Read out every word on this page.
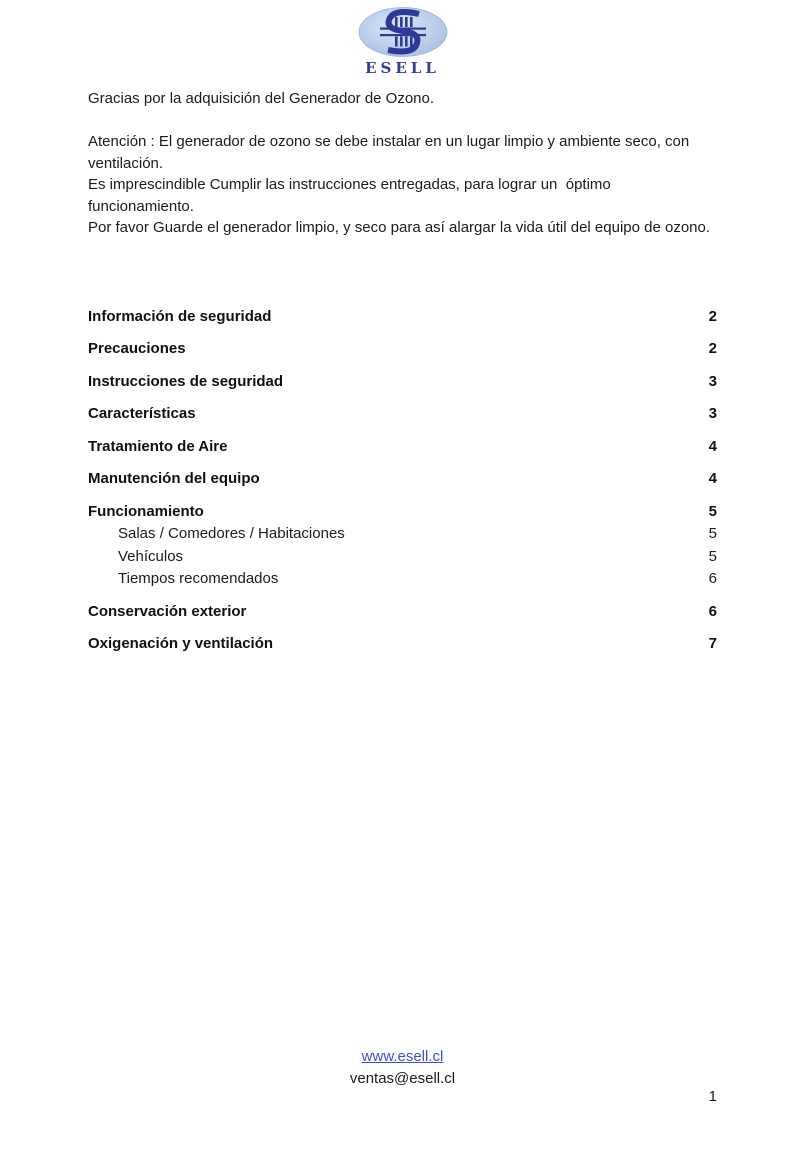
ESELL
Gracias por la adquisición del Generador de Ozono.
Atención : El generador de ozono se debe instalar en un lugar limpio y ambiente seco, con ventilación.
Es imprescindible Cumplir las instrucciones entregadas, para lograr un  óptimo funcionamiento.
Por favor Guarde el generador limpio, y seco para así alargar la vida útil del equipo de ozono.
Información de seguridad	2
Precauciones	2
Instrucciones de seguridad	3
Características	3
Tratamiento de Aire	4
Manutención del equipo	4
Funcionamiento	5
Salas / Comedores / Habitaciones	5
Vehículos	5
Tiempos recomendados	6
Conservación exterior	6
Oxigenación y ventilación	7
www.esell.cl
ventas@esell.cl
1
